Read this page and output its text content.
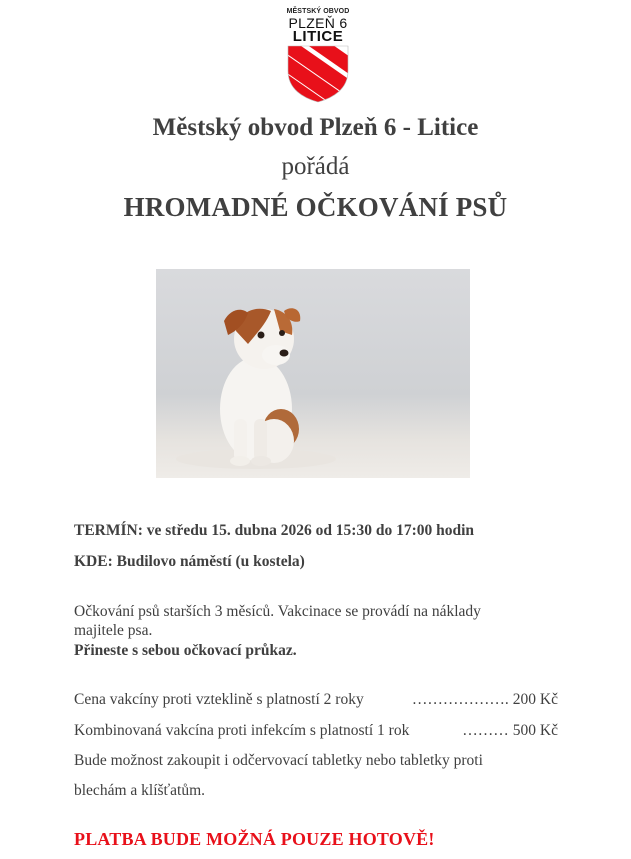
MĚSTSKÝ OBVOD
PLZEŇ 6
LITICE
Městský obvod Plzeň 6 - Litice
pořádá
HROMADNÉ OČKOVÁNÍ PSŮ
TERMÍN: ve středu 15. dubna 2026 od 15:30 do 17:00 hodin
KDE: Budilovo náměstí (u kostela)
Očkování psů starších 3 měsíců. Vakcinace se provádí na náklady
majitele psa.
Přineste s sebou očkovací průkaz.
Cena vakcíny proti vzteklině s platností 2 roky	………………. 200 Kč
Kombinovaná vakcína proti infekcím s platností 1 rok	……… 500 Kč
Bude možnost zakoupit i odčervovací tabletky nebo tabletky proti
blechám a klíšťatům.
PLATBA BUDE MOŽNÁ POUZE HOTOVĚ!
